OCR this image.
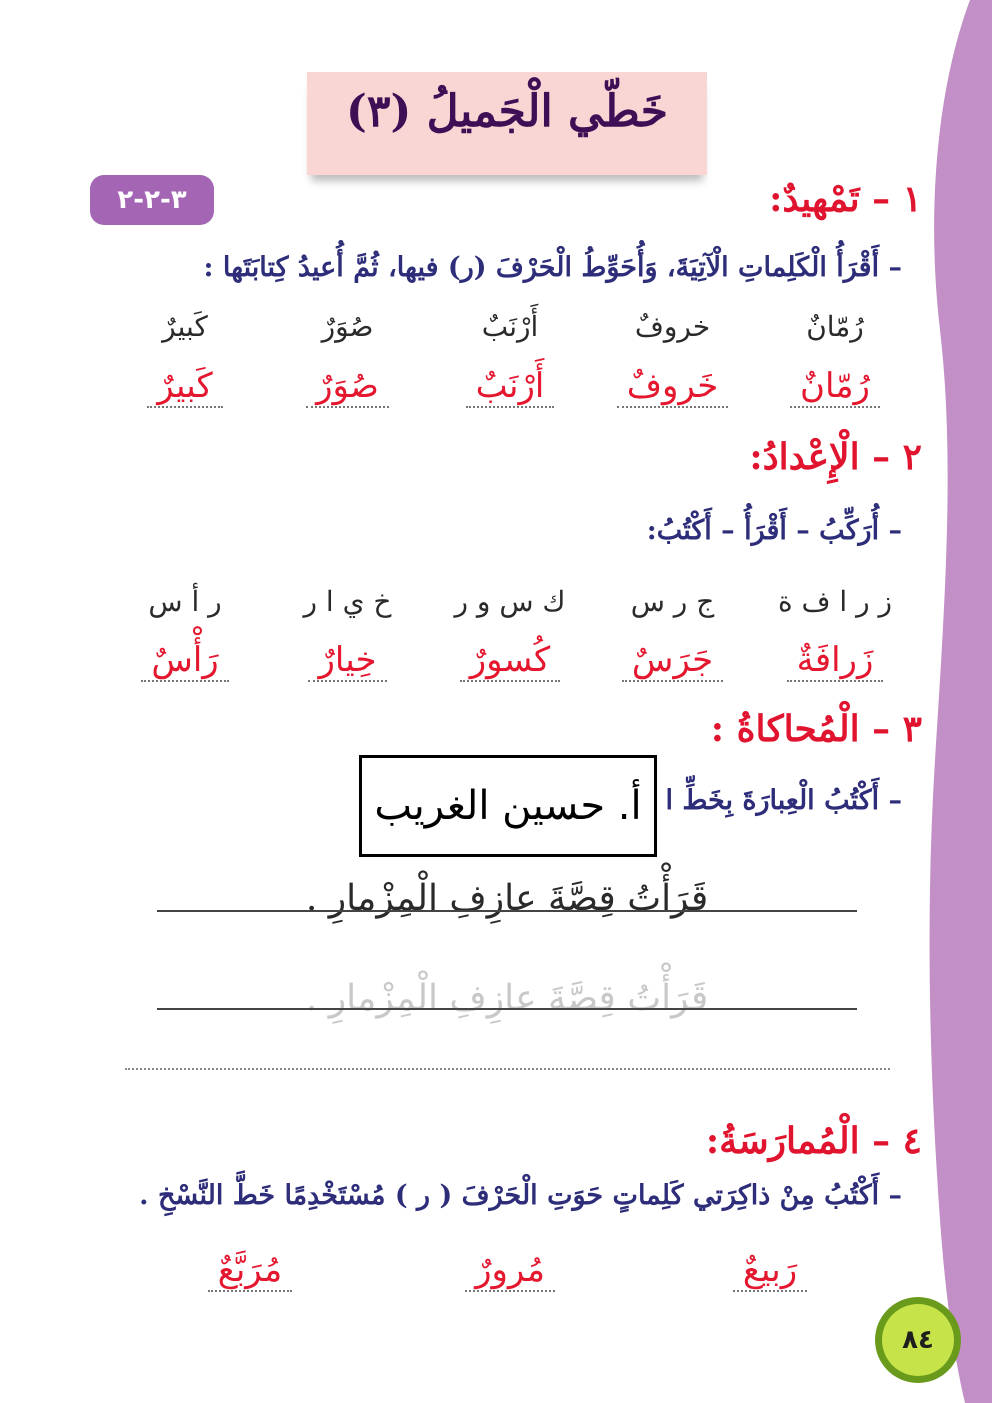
خَطّي الْجَميلُ (٣)
٣-٢-٢	١ – تَمْهيدٌ:
– أَقْرَأُ الْكَلِماتِ الْآتِيَةَ، وَأُحَوِّطُ الْحَرْفَ (ر) فيها، ثُمَّ أُعيدُ كِتابَتَها :
رُمّانٌ
خروفٌ
أَرْنَبٌ
صُوَرٌ
كَبيرٌ
رُمّانٌ
خَروفٌ
أَرْنَبٌ
صُوَرٌ
كَبيرٌ
٢ – الْإِعْدادُ:
– أُرَكِّبُ – أَقْرَأُ – أَكْتُبُ:
ز ر ا ف ة
ج ر س
ك س و ر
خ ي ا ر
ر أ س
زَرافَةٌ
جَرَسٌ
كُسورٌ
خِيارٌ
رَأْسٌ
٣ – الْمُحاكاةُ :
– أَكْتُبُ الْعِبارَةَ بِخَطِّ ا
أ. حسين الغريب
قَرَأْتُ قِصَّةَ عازِفِ الْمِزْمارِ .
قَرَأْتُ قِصَّةَ عازِفِ الْمِزْمارِ .
٤ – الْمُمارَسَةُ:
– أَكْتُبُ مِنْ ذاكِرَتي كَلِماتٍ حَوَتِ الْحَرْفَ ( ر ) مُسْتَخْدِمًا خَطَّ النَّسْخِ .
رَبيعٌ
مُرورٌ
مُرَبَّعٌ
٨٤
